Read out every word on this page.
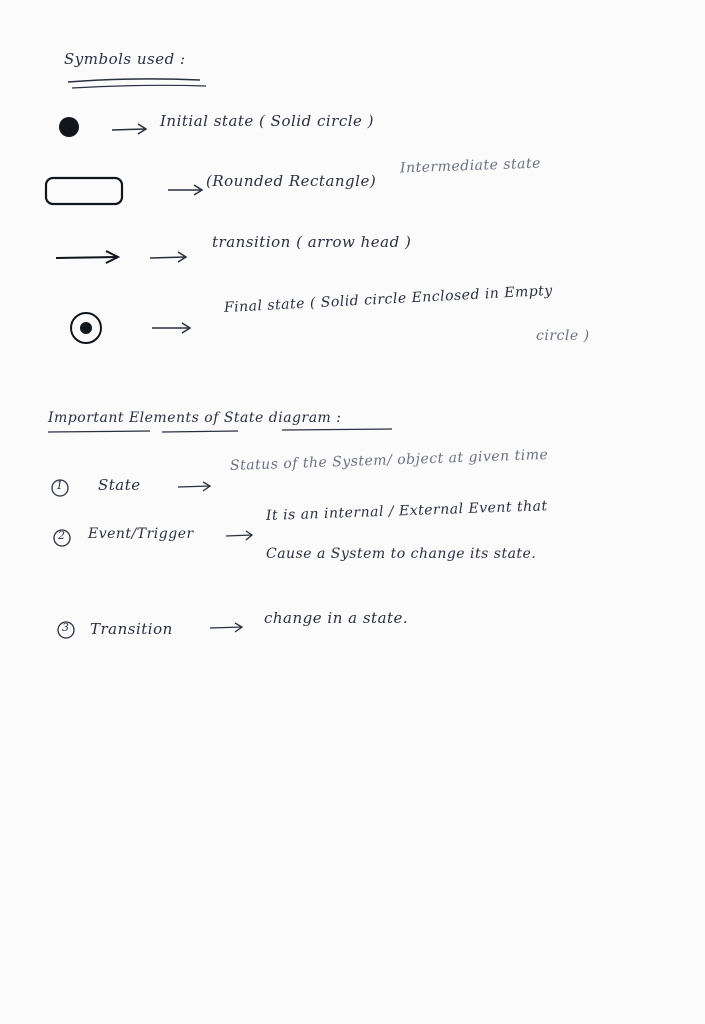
Symbols used :
Initial state ( Solid circle )
(Rounded Rectangle)
Intermediate state
transition ( arrow head )
Final state ( Solid circle Enclosed in Empty
circle )
Important Elements of State diagram :
1 State
Status of the System/ object at given time
2 Event/Trigger
It is an internal / External Event that
Cause a System to change its state.
3 Transition
change in a state.
